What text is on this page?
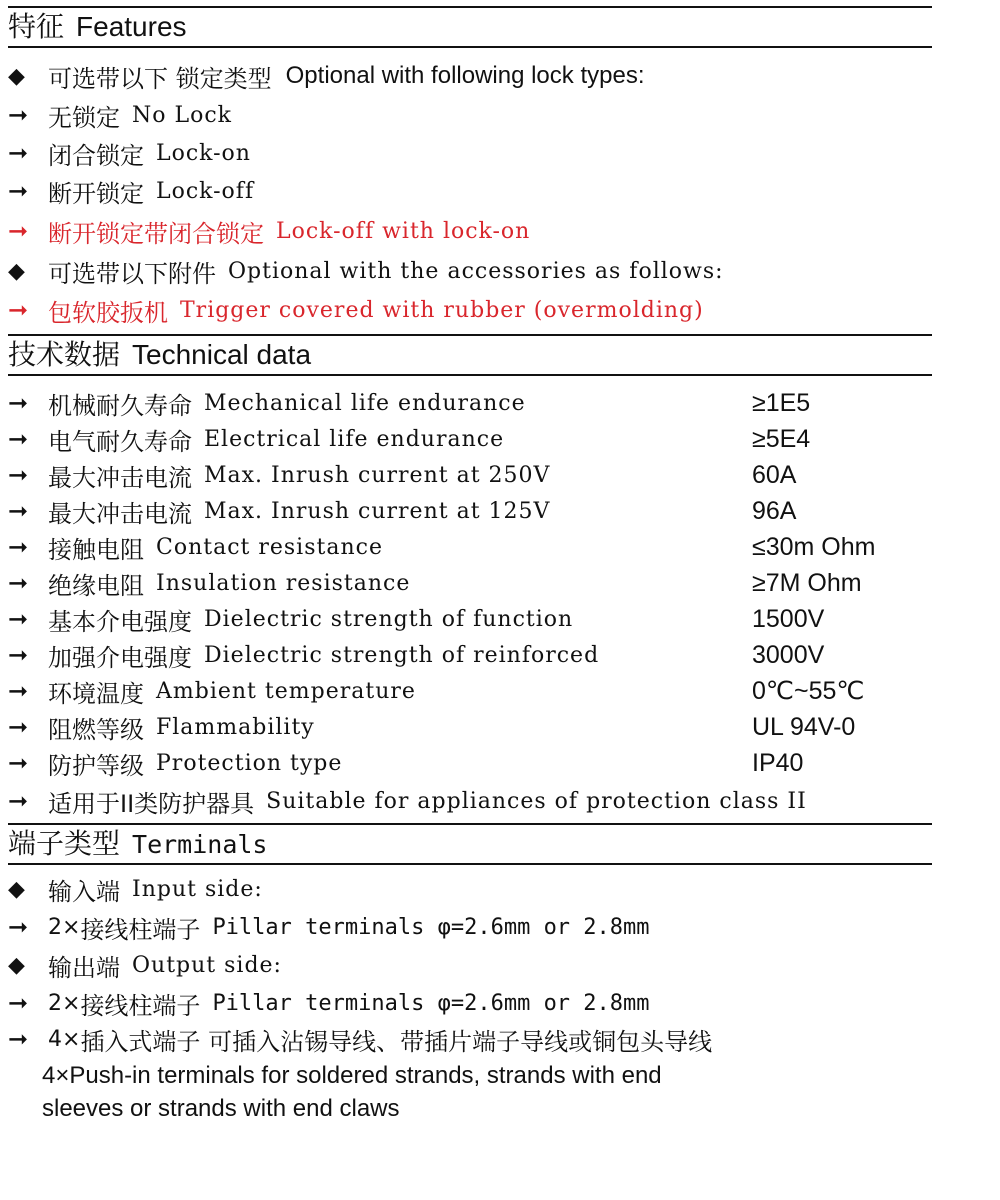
特征 Features
◆ 可选带以下 锁定类型 Optional with following lock types:
➞ 无锁定 No Lock
➞ 闭合锁定 Lock-on
➞ 断开锁定 Lock-off
➞ 断开锁定带闭合锁定 Lock-off with lock-on
◆ 可选带以下附件 Optional with the accessories as follows:
➞ 包软胶扳机 Trigger covered with rubber (overmolding)
技术数据 Technical data
➞ 机械耐久寿命 Mechanical life endurance	≥1E5
➞ 电气耐久寿命 Electrical life endurance	≥5E4
➞ 最大冲击电流 Max. Inrush current at 250V	60A
➞ 最大冲击电流 Max. Inrush current at 125V	96A
➞ 接触电阻 Contact resistance	≤30m Ohm
➞ 绝缘电阻 Insulation resistance	≥7M Ohm
➞ 基本介电强度 Dielectric strength of function	1500V
➞ 加强介电强度 Dielectric strength of reinforced	3000V
➞ 环境温度 Ambient temperature	0℃~55℃
➞ 阻燃等级 Flammability	UL 94V-0
➞ 防护等级 Protection type	IP40
➞ 适用于II类防护器具 Suitable for appliances of protection class II
端子类型 Terminals
◆ 输入端 Input side:
➞ 2× 接线柱端子 Pillar terminals φ=2.6mm or 2.8mm
◆ 输出端 Output side:
➞ 2× 接线柱端子 Pillar terminals φ=2.6mm or 2.8mm
➞ 4× 插入式端子 可插入沾锡导线、带插片端子导线或铜包头导线
4×Push-in terminals for soldered strands, strands with end
sleeves or strands with end claws
